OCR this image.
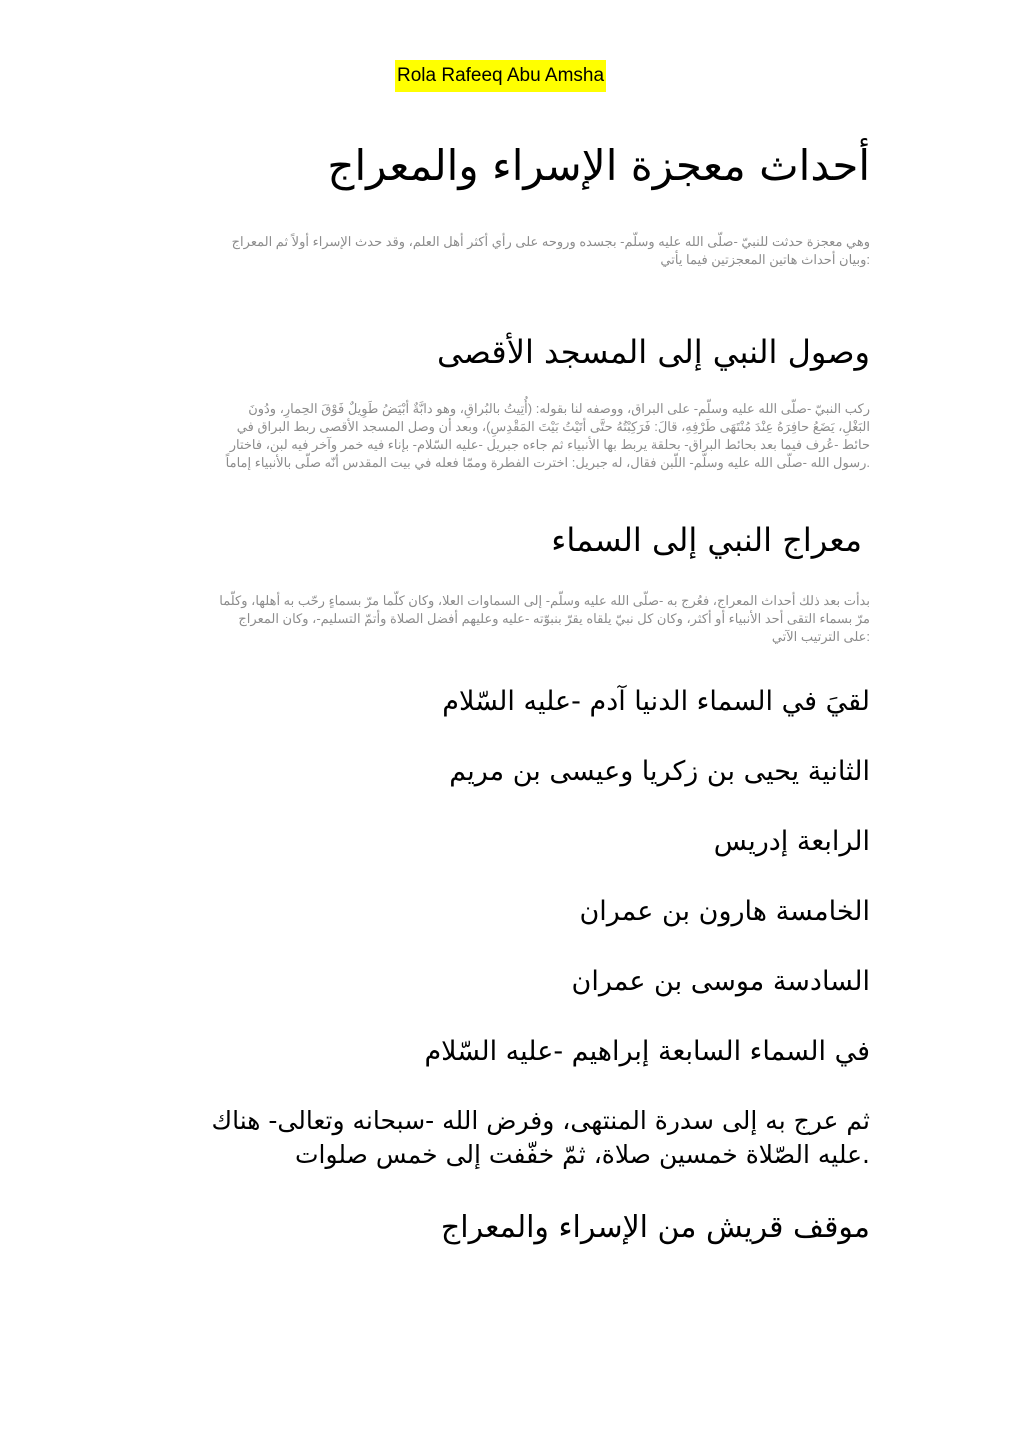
Rola Rafeeq Abu Amsha
أحداث معجزة الإسراء والمعراج
وهي معجزة حدثت للنبيّ -صلّى الله عليه وسلّم- بجسده وروحه على رأي أكثر أهل العلم، وقد حدث الإسراء أولاً ثم المعراج
:وبيان أحداث هاتين المعجزتين فيما يأتي
وصول النبي إلى المسجد الأقصى
ركب النبيّ -صلّى الله عليه وسلّم- على البراق، ووصفه لنا بقوله: (أُتِيتُ بالبُراقِ، وهو دابَّةٌ أبْيَضُ طَوِيلٌ فَوْقَ الحِمارِ، ودُونَ
البَغْلِ، يَضَعُ حافِرَهُ عِنْدَ مُنْتَهَى طَرْفِهِ، قالَ: فَرَكِبْتُهُ حتَّى أتَيْتُ بَيْتَ المَقْدِسِ)، وبعد أن وصل المسجد الأقصى ربط البراق في
حائط -عُرف فيما بعد بحائط البراق- بحلقة يربط بها الأنبياء ثم جاءه جبريل -عليه السّلام- بإناء فيه خمر وآخر فيه لبن، فاختار
.رسول الله -صلّى الله عليه وسلّم- اللّبن فقال، له جبريل: اخترت الفطرة وممّا فعله في بيت المقدس أنّه صلّى بالأنبياء إماماً
معراج النبي إلى السماء
بدأت بعد ذلك أحداث المعراج، فعُرج به -صلّى الله عليه وسلّم- إلى السماوات العلا، وكان كلّما مرّ بسماءٍ رحّب به أهلها، وكلّما
مرّ بسماء التقى أحد الأنبياء أو أكثر، وكان كل نبيّ يلقاه يقرّ بنبوّته -عليه وعليهم أفضل الصلاة وأتمّ التسليم-، وكان المعراج
:على الترتيب الآتي
لقيَ في السماء الدنيا آدم -عليه السّلام
الثانية يحيى بن زكريا وعيسى بن مريم
الرابعة إدريس
الخامسة هارون بن عمران
السادسة موسى بن عمران
في السماء السابعة إبراهيم -عليه السّلام
ثم عرج به إلى سدرة المنتهى، وفرض الله -سبحانه وتعالى- هناك
.عليه الصّلاة خمسين صلاة، ثمّ خفّفت إلى خمس صلوات
موقف قريش من الإسراء والمعراج
